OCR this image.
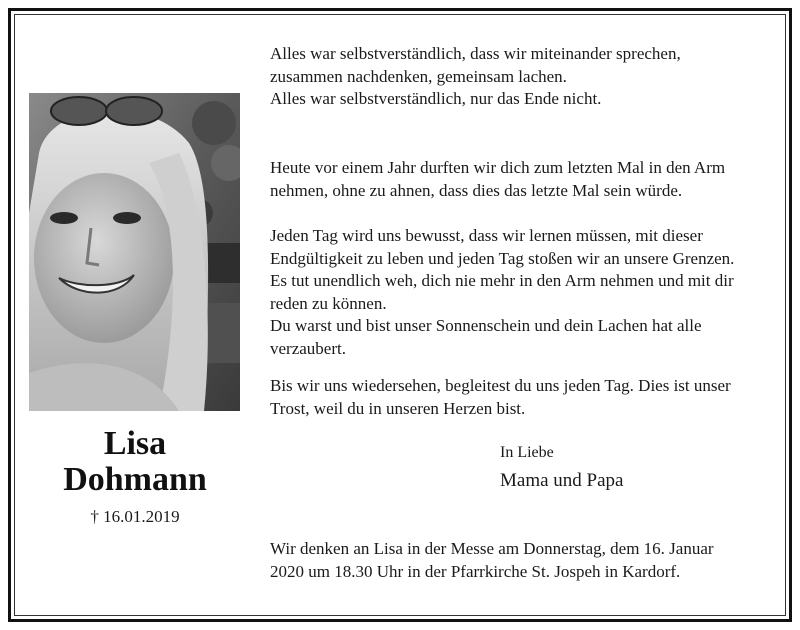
Lisa
Dohmann
† 16.01.2019
Alles war selbstverständlich, dass wir miteinander sprechen,
zusammen nachdenken, gemeinsam lachen.
Alles war selbstverständlich, nur das Ende nicht.
Heute vor einem Jahr durften wir dich zum letzten Mal in den Arm
nehmen, ohne zu ahnen, dass dies das letzte Mal sein würde.
Jeden Tag wird uns bewusst, dass wir lernen müssen, mit dieser
Endgültigkeit zu leben und jeden Tag stoßen wir an unsere Grenzen.
Es tut unendlich weh, dich nie mehr in den Arm nehmen und mit dir
reden zu können.
Du warst und bist unser Sonnenschein und dein Lachen hat alle
verzaubert.
Bis wir uns wiedersehen, begleitest du uns jeden Tag. Dies ist unser
Trost, weil du in unseren Herzen bist.
In Liebe
Mama und Papa
Wir denken an Lisa in der Messe am Donnerstag, dem 16. Januar
2020 um 18.30 Uhr in der Pfarrkirche St. Jospeh in Kardorf.
